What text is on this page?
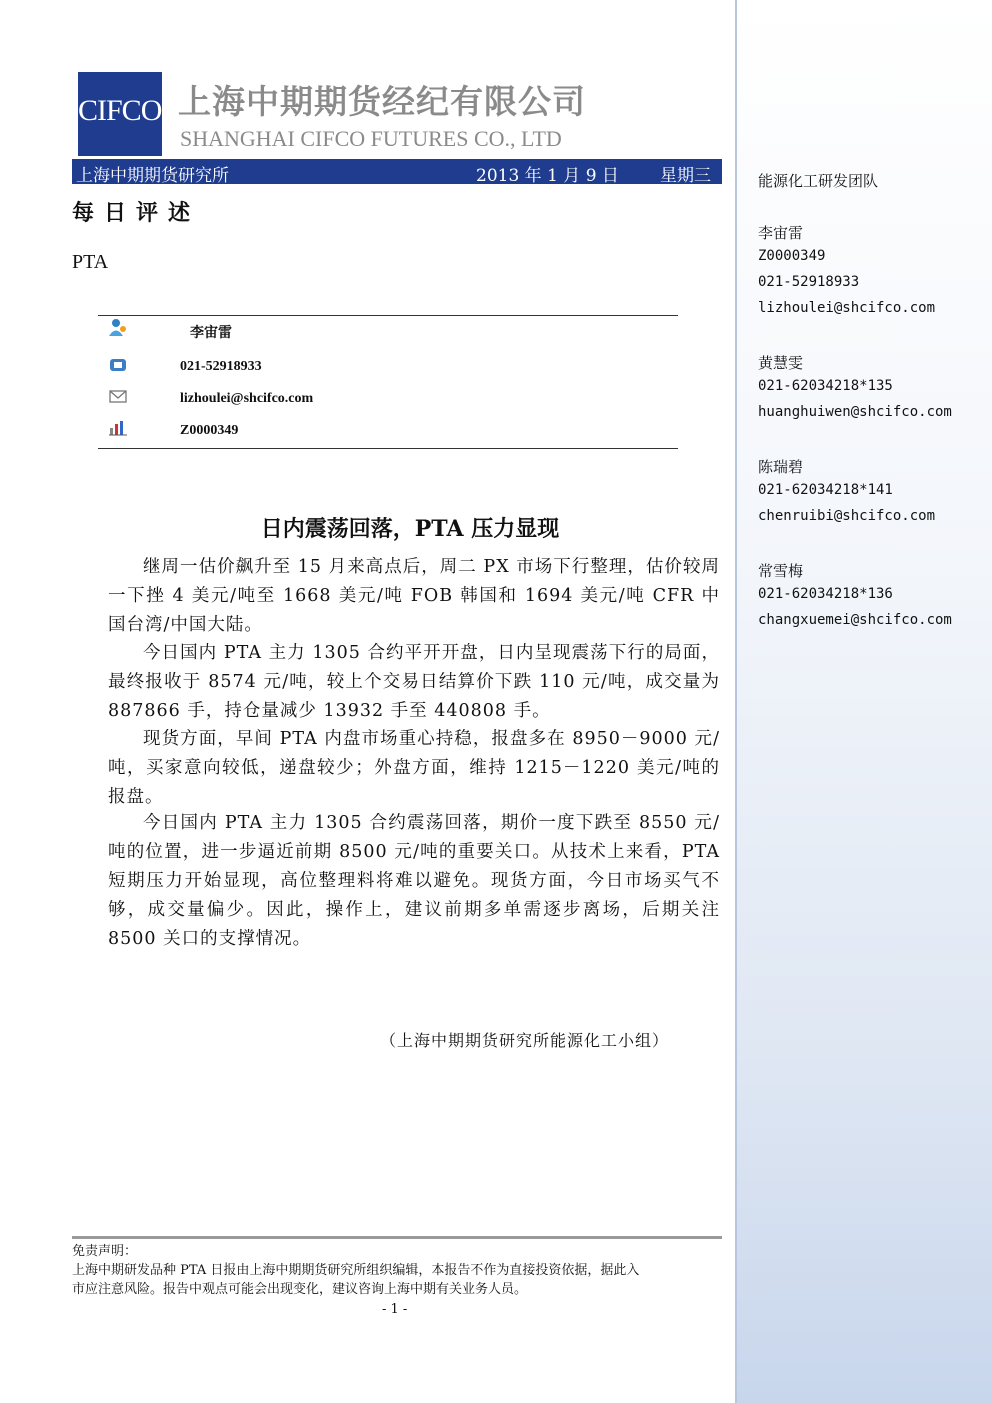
能源化工研发团队
李宙雷
Z0000349
021-52918933
lizhoulei@shcifco.com
黄慧雯
021-62034218*135
huanghuiwen@shcifco.com
陈瑞碧
021-62034218*141
chenruibi@shcifco.com
常雪梅
021-62034218*136
changxuemei@shcifco.com
CIFCO 上海中期期货经纪有限公司
SHANGHAI CIFCO FUTURES CO., LTD
上海中期期货研究所	2013 年 1 月 9 日 星期三
每日评述
PTA
李宙雷
021-52918933
lizhoulei@shcifco.com
Z0000349
日内震荡回落，PTA 压力显现
继周一估价飙升至 15 月来高点后，周二 PX 市场下行整理，估价较周一下挫 4 美元/吨至 1668 美元/吨 FOB 韩国和 1694 美元/吨 CFR 中国台湾/中国大陆。
今日国内 PTA 主力 1305 合约平开开盘，日内呈现震荡下行的局面，最终报收于 8574 元/吨，较上个交易日结算价下跌 110 元/吨，成交量为 887866 手，持仓量减少 13932 手至 440808 手。
现货方面，早间 PTA 内盘市场重心持稳，报盘多在 8950－9000 元/吨，买家意向较低，递盘较少；外盘方面，维持 1215－1220 美元/吨的报盘。
今日国内 PTA 主力 1305 合约震荡回落，期价一度下跌至 8550 元/吨的位置，进一步逼近前期 8500 元/吨的重要关口。从技术上来看，PTA 短期压力开始显现，高位整理料将难以避免。现货方面，今日市场买气不够，成交量偏少。因此，操作上，建议前期多单需逐步离场，后期关注 8500 关口的支撑情况。
（上海中期期货研究所能源化工小组）
免责声明：
上海中期研发品种 PTA 日报由上海中期期货研究所组织编辑，本报告不作为直接投资依据，据此入
市应注意风险。报告中观点可能会出现变化，建议咨询上海中期有关业务人员。
- 1 -
